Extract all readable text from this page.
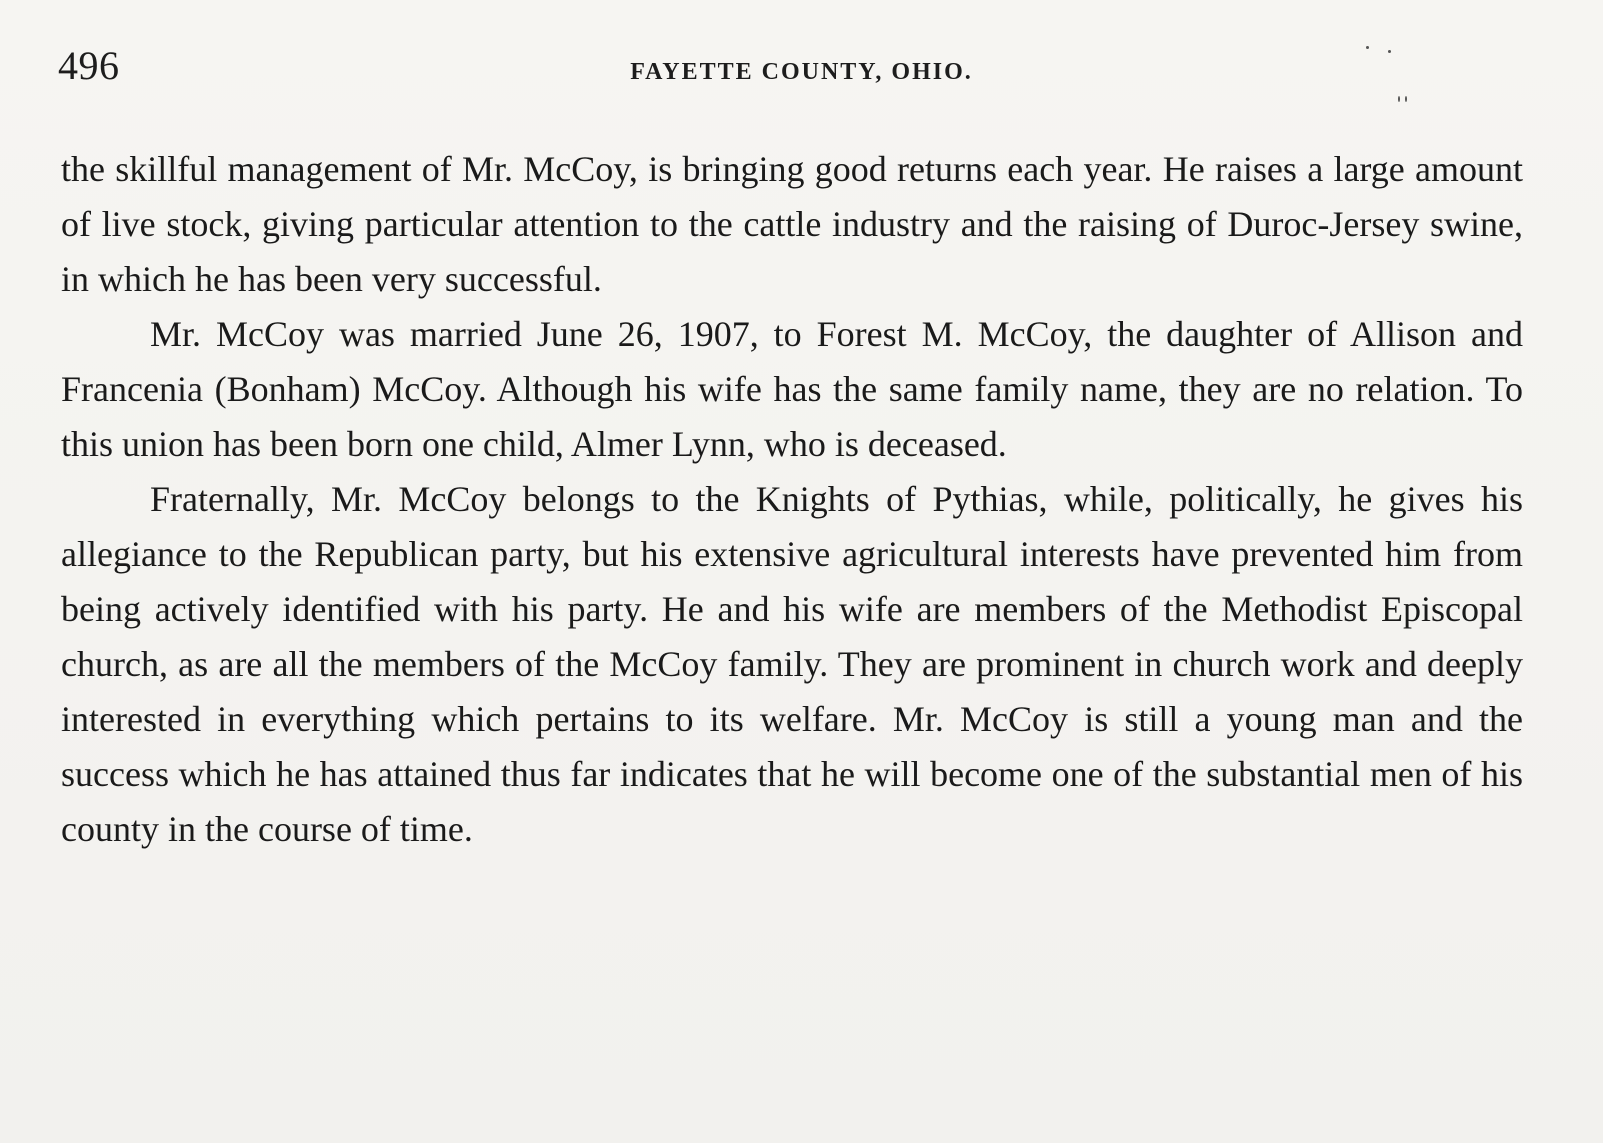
496	FAYETTE COUNTY, OHIO.

the skillful management of Mr. McCoy, is bringing good returns each year. He raises a large amount of live stock, giving particular attention to the cattle industry and the raising of Duroc-Jersey swine, in which he has been very successful.

Mr. McCoy was married June 26, 1907, to Forest M. McCoy, the daughter of Allison and Francenia (Bonham) McCoy. Although his wife has the same family name, they are no relation. To this union has been born one child, Almer Lynn, who is deceased.

Fraternally, Mr. McCoy belongs to the Knights of Pythias, while, politically, he gives his allegiance to the Republican party, but his extensive agricultural interests have prevented him from being actively identified with his party. He and his wife are members of the Methodist Episcopal church, as are all the members of the McCoy family. They are prominent in church work and deeply interested in everything which pertains to its welfare. Mr. McCoy is still a young man and the success which he has attained thus far indicates that he will become one of the substantial men of his county in the course of time.
